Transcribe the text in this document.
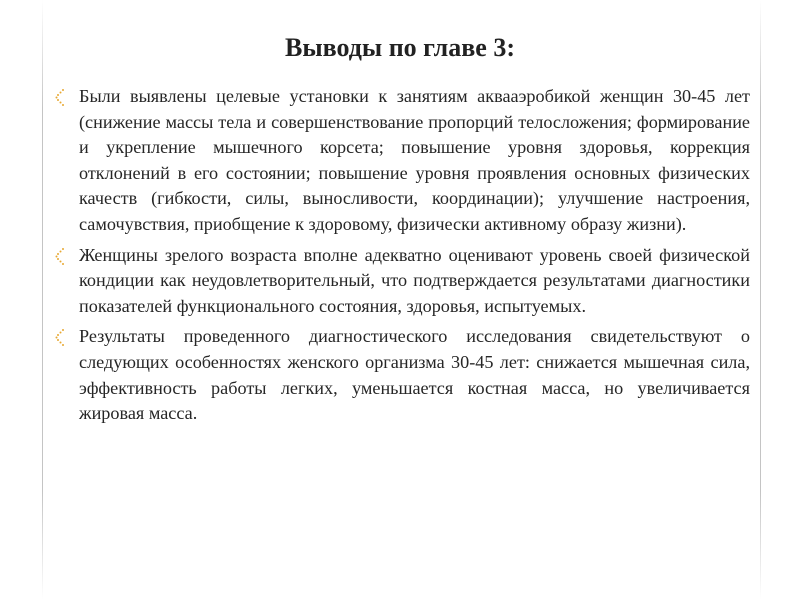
Выводы по главе 3:
Были выявлены целевые установки к занятиям аквааэробикой женщин 30-45 лет (снижение массы тела и совершенствование пропорций телосложения; формирование и укрепление мышечного корсета; повышение уровня здоровья, коррекция отклонений в его состоянии; повышение уровня проявления основных физических качеств (гибкости, силы, выносливости, координации); улучшение настроения, самочувствия, приобщение к здоровому, физически активному образу жизни).
Женщины зрелого возраста вполне адекватно оценивают уровень своей физической кондиции как неудовлетворительный, что подтверждается результатами диагностики показателей функционального состояния, здоровья, испытуемых.
Результаты проведенного диагностического исследования свидетельствуют о следующих особенностях женского организма 30-45 лет: снижается мышечная сила, эффективность работы легких, уменьшается костная масса, но увеличивается жировая масса.
